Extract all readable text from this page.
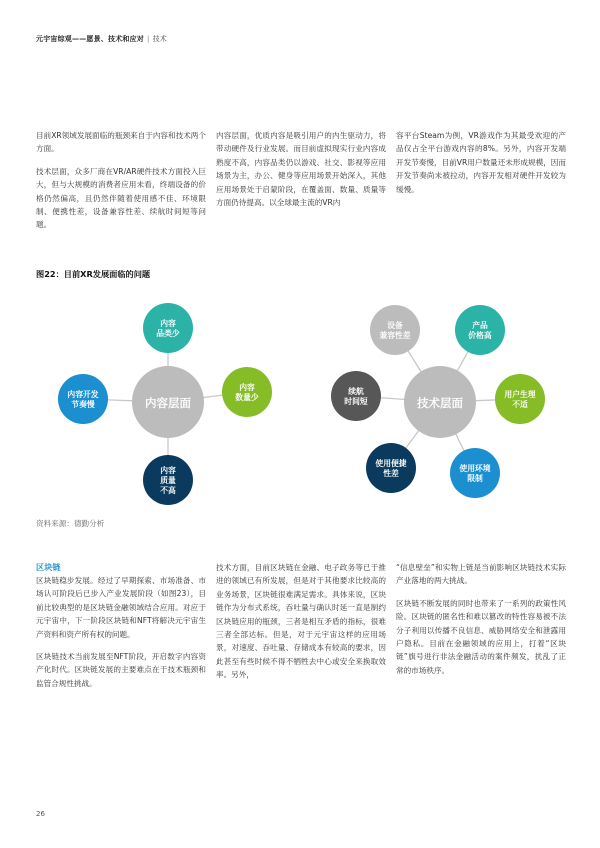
元宇宙综观——愿景、技术和应对 | 技术

目前XR领域发展面临的瓶颈来自于内容和技术两个方面。

技术层面，众多厂商在VR/AR硬件技术方面投入巨大，但与大规模的消费者应用未看，终端设备的价格仍然偏高，且仍然伴随着使用感不佳、环境限制、便携性差，设备兼容性差、续航时间短等问题。

内容层面，优质内容是吸引用户的内生驱动力，将带动硬件及行业发展。而目前虚拟现实行业内容成熟度不高，内容品类仍以游戏、社交、影视等应用场景为主，办公、健身等应用场景开始深入，其他应用场景处于启蒙阶段，在覆盖面、数量、质量等方面仍待提高。以全球最主流的VR内

容平台Steam为例，VR游戏作为其最受欢迎的产品仅占全平台游戏内容的8%。另外，内容开发端开发节奏慢，目前VR用户数量还未形成规模，因而开发节奏尚未被拉动，内容开发相对硬件开发较为缓慢。

图22：目前XR发展面临的问题
内容层面
内容
品类少
内容开发
节奏慢
内容
数量少
内容
质量
不高
技术层面
设备
兼容性差
产品
价格高
续航
时间短
用户生理
不适
使用便捷
性差
使用环境
限制
资料来源：德勤分析
区块链

区块链稳步发展。经过了早期探索、市场准备、市场认可阶段后已步入产业发展阶段（如图23），目前比较典型的是区块链金融领域结合应用。对应于元宇宙中，下一阶段区块链和NFT将解决元宇宙生产资料和资产所有权的问题。

区块链技术当前发展至NFT阶段，开启数字内容资产化时代。区块链发展的主要难点在于技术瓶颈和监管合规性挑战。

技术方面，目前区块链在金融、电子政务等已于推进的领域已有所发展，但是对于其他要求比较高的业务场景，区块链很难满足需求。具体来说，区块链作为分布式系统，吞吐量与确认时延一直是制约区块链应用的瓶颈，三者是相互矛盾的指标，很难三者全部达标。但是，对于元宇宙这样的应用场景，对速度、吞吐量、存储成本有较高的要求，因此甚至有些时候不得不牺牲去中心或安全来换取效率。另外，

“信息壁垒”和实物上链是当前影响区块链技术实际产业落地的两大挑战。

区块链不断发展的同时也带来了一系列的政策性风险。区块链的匿名性和难以篡改的特性容易被不法分子利用以传播不良信息、威胁网络安全和泄露用户隐私。目前在金融领域的应用上，打着“区块链”旗号进行非法金融活动的案件频发，扰乱了正常的市场秩序。

26
